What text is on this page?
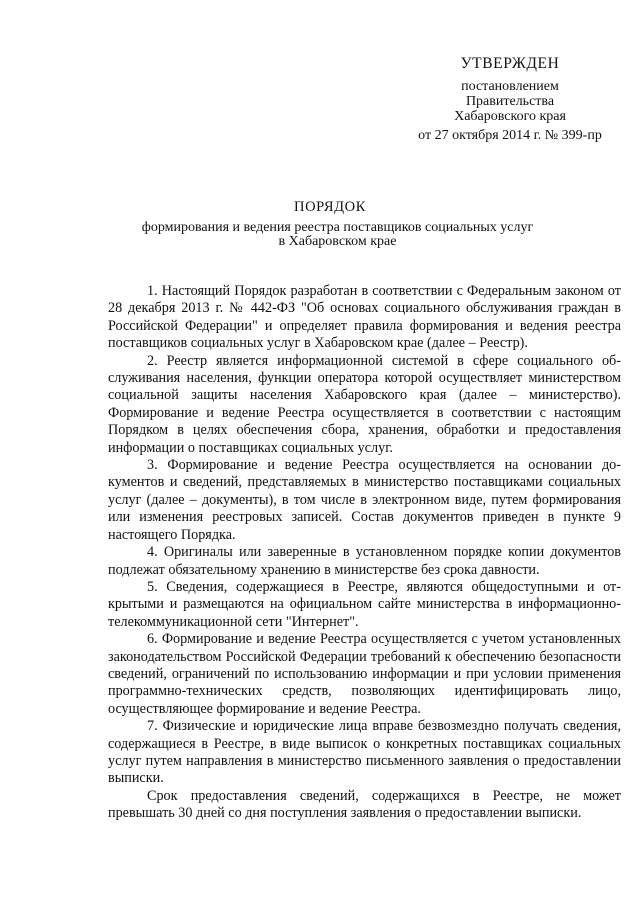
УТВЕРЖДЕН
постановлением
Правительства
Хабаровского края
от 27 октября 2014 г. № 399-пр
ПОРЯДОК
формирования и ведения реестра поставщиков социальных услуг
в Хабаровском крае

1. Настоящий Порядок разработан в соответствии с Федеральным законом от 28 декабря 2013 г. № 442-ФЗ "Об основах социального обслуживания граждан в Российской Федерации" и определяет правила формирования и ведения реестра поставщиков социальных услуг в Хабаровском крае (далее – Реестр).

2. Реестр является информационной системой в сфере социального обслуживания населения, функции оператора которой осуществляет министерством социальной защиты населения Хабаровского края (далее – министерство). Формирование и ведение Реестра осуществляется в соответствии с настоящим Порядком в целях обеспечения сбора, хранения, обработки и предоставления информации о поставщиках социальных услуг.

3. Формирование и ведение Реестра осуществляется на основании документов и сведений, представляемых в министерство поставщиками социальных услуг (далее – документы), в том числе в электронном виде, путем формирования или изменения реестровых записей. Состав документов приведен в пункте 9 настоящего Порядка.

4. Оригиналы или заверенные в установленном порядке копии документов подлежат обязательному хранению в министерстве без срока давности.

5. Сведения, содержащиеся в Реестре, являются общедоступными и открытыми и размещаются на официальном сайте министерства в информационно-телекоммуникационной сети "Интернет".

6. Формирование и ведение Реестра осуществляется с учетом установленных законодательством Российской Федерации требований к обеспечению безопасности сведений, ограничений по использованию информации и при условии применения программно-технических средств, позволяющих идентифицировать лицо, осуществляющее формирование и ведение Реестра.

7. Физические и юридические лица вправе безвозмездно получать сведения, содержащиеся в Реестре, в виде выписок о конкретных поставщиках социальных услуг путем направления в министерство письменного заявления о предоставлении выписки.

Срок предоставления сведений, содержащихся в Реестре, не может превышать 30 дней со дня поступления заявления о предоставлении выписки.
